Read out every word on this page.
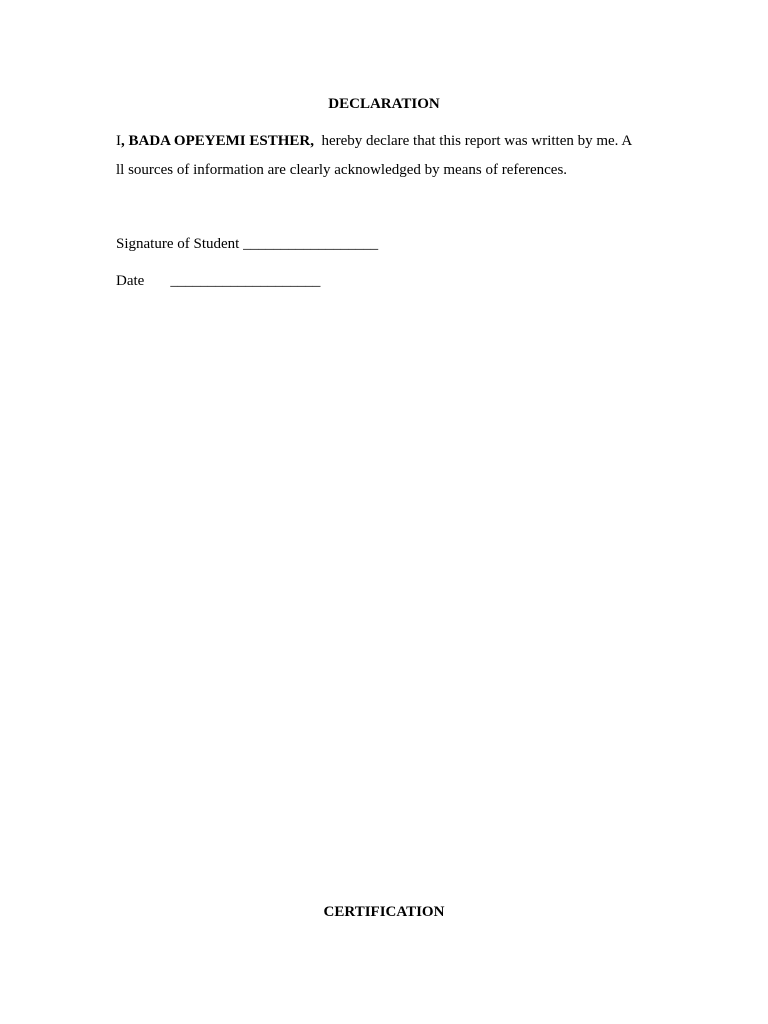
DECLARATION
I, BADA OPEYEMI ESTHER,  hereby declare that this report was written by me. A
ll sources of information are clearly acknowledged by means of references.
Signature of Student __________________
Date ____________________
CERTIFICATION
